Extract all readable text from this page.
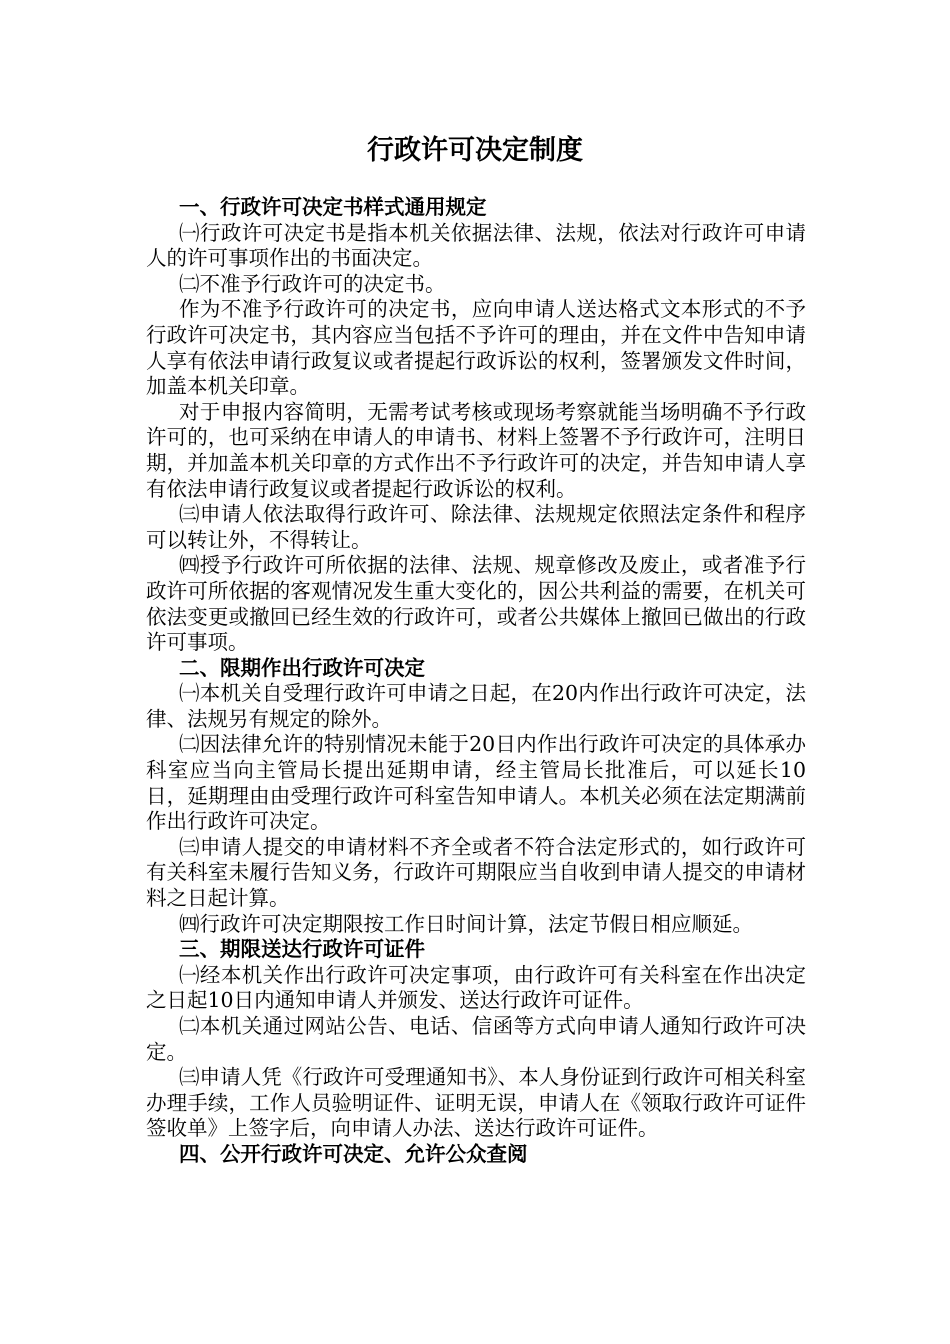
行政许可决定制度

一、行政许可决定书样式通用规定

㈠行政许可决定书是指本机关依据法律、法规，依法对行政许可申请人的许可事项作出的书面决定。

㈡不准予行政许可的决定书。

作为不准予行政许可的决定书，应向申请人送达格式文本形式的不予行政许可决定书，其内容应当包括不予许可的理由，并在文件中告知申请人享有依法申请行政复议或者提起行政诉讼的权利，签署颁发文件时间，加盖本机关印章。

对于申报内容简明，无需考试考核或现场考察就能当场明确不予行政许可的，也可采纳在申请人的申请书、材料上签署不予行政许可，注明日期，并加盖本机关印章的方式作出不予行政许可的决定，并告知申请人享有依法申请行政复议或者提起行政诉讼的权利。

㈢申请人依法取得行政许可、除法律、法规规定依照法定条件和程序可以转让外，不得转让。

㈣授予行政许可所依据的法律、法规、规章修改及废止，或者准予行政许可所依据的客观情况发生重大变化的，因公共利益的需要，在机关可依法变更或撤回已经生效的行政许可，或者公共媒体上撤回已做出的行政许可事项。

二、限期作出行政许可决定

㈠本机关自受理行政许可申请之日起，在20内作出行政许可决定，法律、法规另有规定的除外。

㈡因法律允许的特别情况未能于20日内作出行政许可决定的具体承办科室应当向主管局长提出延期申请，经主管局长批准后，可以延长10日，延期理由由受理行政许可科室告知申请人。本机关必须在法定期满前作出行政许可决定。

㈢申请人提交的申请材料不齐全或者不符合法定形式的，如行政许可有关科室未履行告知义务，行政许可期限应当自收到申请人提交的申请材料之日起计算。

㈣行政许可决定期限按工作日时间计算，法定节假日相应顺延。

三、期限送达行政许可证件

㈠经本机关作出行政许可决定事项，由行政许可有关科室在作出决定之日起10日内通知申请人并颁发、送达行政许可证件。

㈡本机关通过网站公告、电话、信函等方式向申请人通知行政许可决定。

㈢申请人凭《行政许可受理通知书》、本人身份证到行政许可相关科室办理手续，工作人员验明证件、证明无误，申请人在《领取行政许可证件签收单》上签字后，向申请人办法、送达行政许可证件。

四、公开行政许可决定、允许公众查阅
